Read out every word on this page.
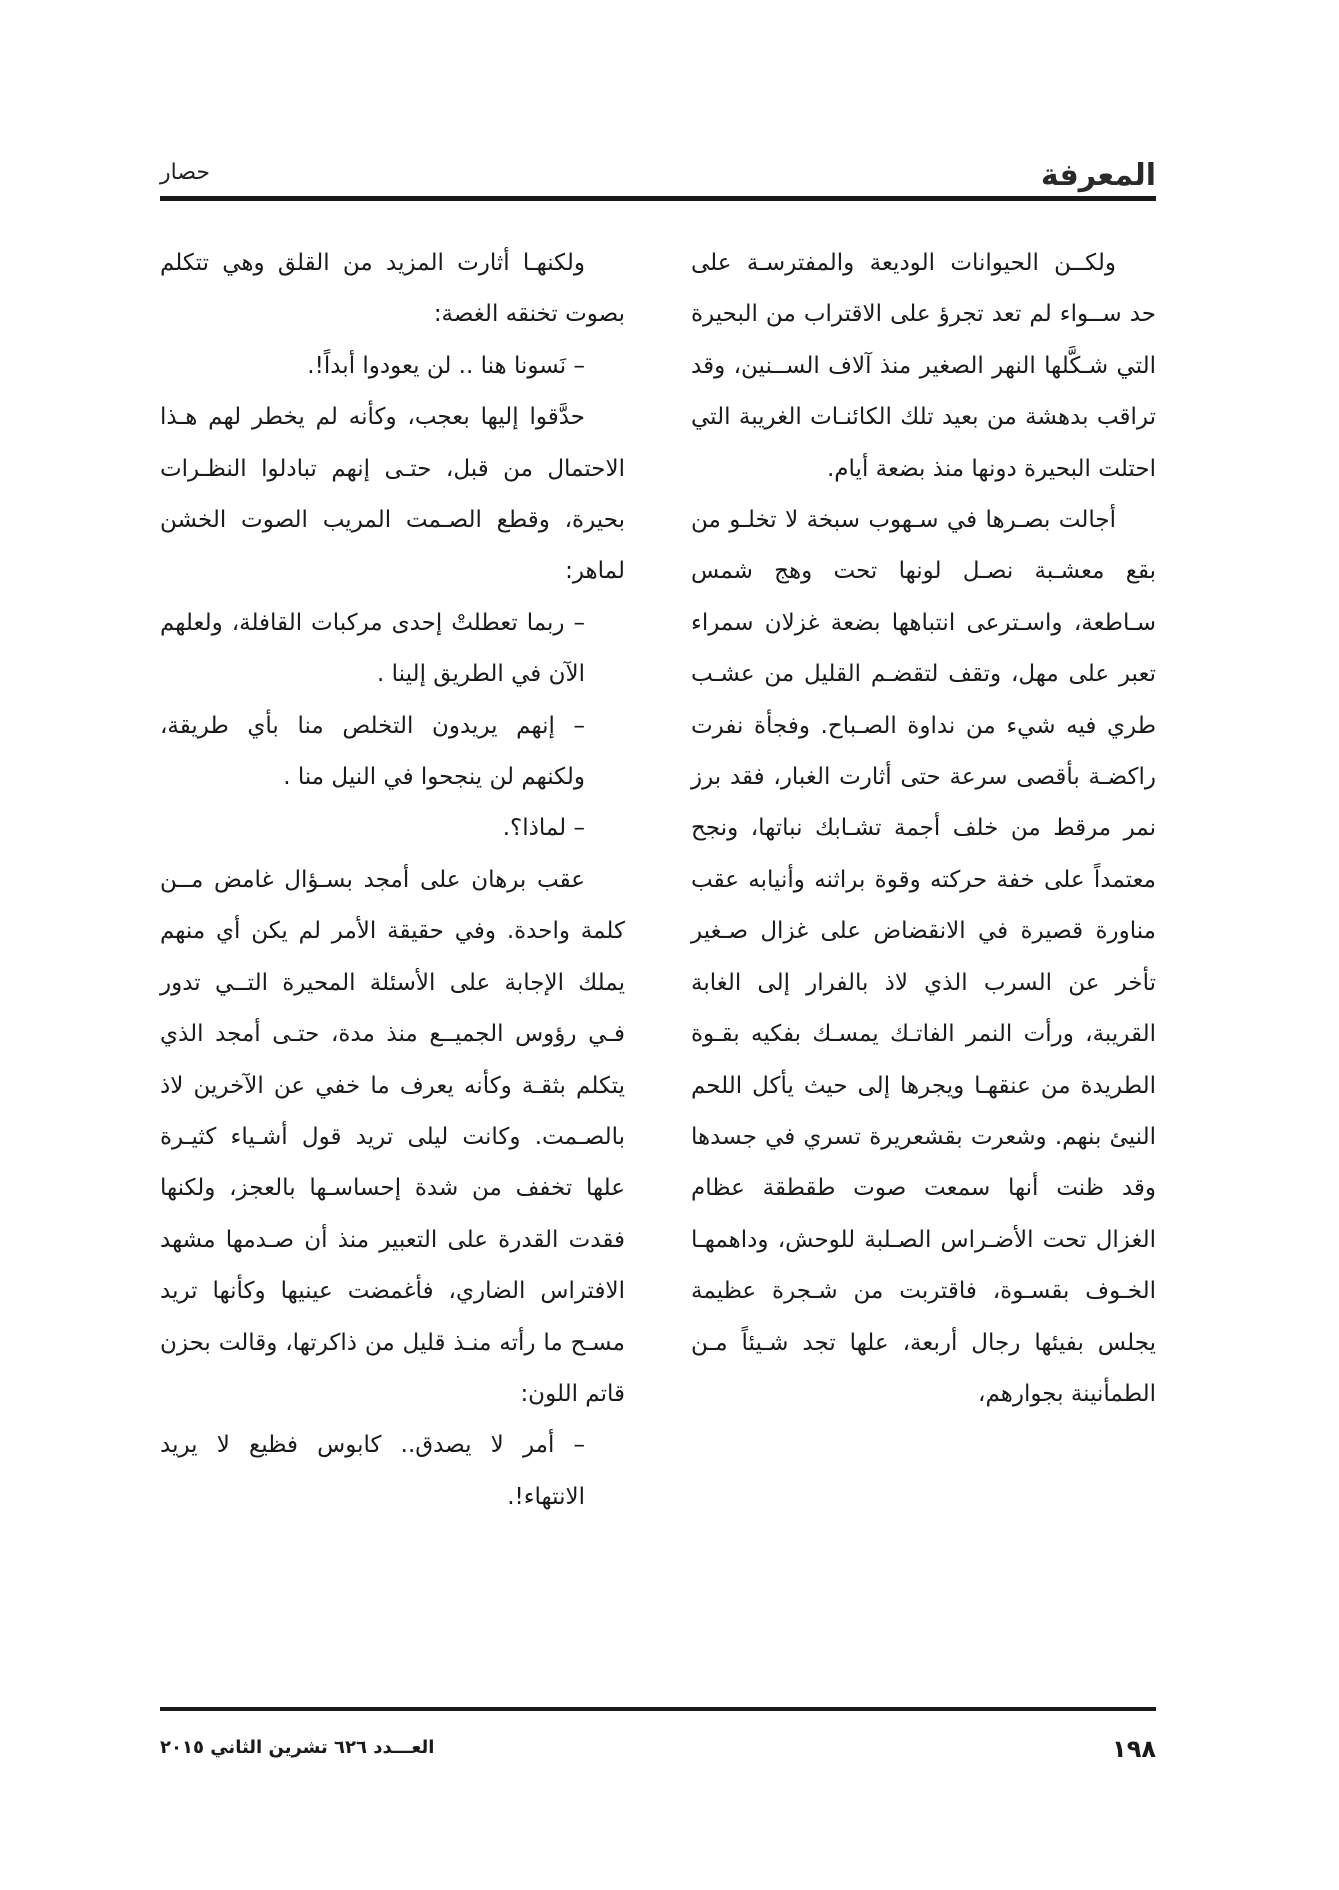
المعرفة
حصار

ولكــن الحيوانات الوديعة والمفترسـة على حد ســواء لم تعد تجرؤ على الاقتراب من البحيرة التي شـكَّلها النهر الصغير منذ آلاف الســنين، وقد تراقب بدهشة من بعيد تلك الكائنـات الغريبة التي احتلت البحيرة دونها منذ بضعة أيام.

أجالت بصـرها في سـهوب سبخة لا تخلـو من بقع معشـبة نصـل لونها تحت وهج شمس سـاطعة، واسـترعى انتباهها بضعة غزلان سمراء تعبر على مهل، وتقف لتقضـم القليل من عشـب طري فيه شيء من نداوة الصـباح. وفجأة نفرت راكضـة بأقصى سرعة حتى أثارت الغبار، فقد برز نمر مرقط من خلف أجمة تشـابك نباتها، ونجح معتمداً على خفة حركته وقوة براثنه وأنيابه عقب مناورة قصيرة في الانقضاض على غزال صـغير تأخر عن السرب الذي لاذ بالفرار إلى الغابة القريبة، ورأت النمر الفاتـك يمسـك بفكيه بقـوة الطريدة من عنقهـا ويجرها إلى حيث يأكل اللحم النيئ بنهم. وشعرت بقشعريرة تسري في جسدها وقد ظنت أنها سمعت صوت طقطقة عظام الغزال تحت الأضـراس الصـلبة للوحش، وداهمهـا الخـوف بقسـوة، فاقتربت من شـجرة عظيمة يجلس بفيئها رجال أربعة، علها تجد شـيئاً مـن الطمأنينة بجوارهم،

ولكنهـا أثارت المزيد من القلق وهي تتكلم بصوت تخنقه الغصة:

– نَسونا هنا .. لن يعودوا أبداً!.

حدَّقوا إليها بعجب، وكأنه لم يخطر لهم هـذا الاحتمال من قبل، حتـى إنهم تبادلوا النظـرات بحيرة، وقطع الصـمت المريب الصوت الخشن لماهر:

– ربما تعطلتْ إحدى مركبات القافلة، ولعلهم الآن في الطريق إلينا .

– إنهم يريدون التخلص منا بأي طريقة، ولكنهم لن ينجحوا في النيل منا .

– لماذا؟.

عقب برهان على أمجد بسـؤال غامض مــن كلمة واحدة. وفي حقيقة الأمر لم يكن أي منهم يملك الإجابة على الأسئلة المحيرة التــي تدور فـي رؤوس الجميــع منذ مدة، حتـى أمجد الذي يتكلم بثقـة وكأنه يعرف ما خفي عن الآخرين لاذ بالصـمت. وكانت ليلى تريد قول أشـياء كثيـرة علها تخفف من شدة إحساسـها بالعجز، ولكنها فقدت القدرة على التعبير منذ أن صـدمها مشهد الافتراس الضاري، فأغمضت عينيها وكأنها تريد مسـح ما رأته منـذ قليل من ذاكرتها، وقالت بحزن قاتم اللون:

– أمر لا يصدق.. كابوس فظيع لا يريد الانتهاء!.

١٩٨
العـــدد ٦٢٦ تشرين الثاني ٢٠١٥
